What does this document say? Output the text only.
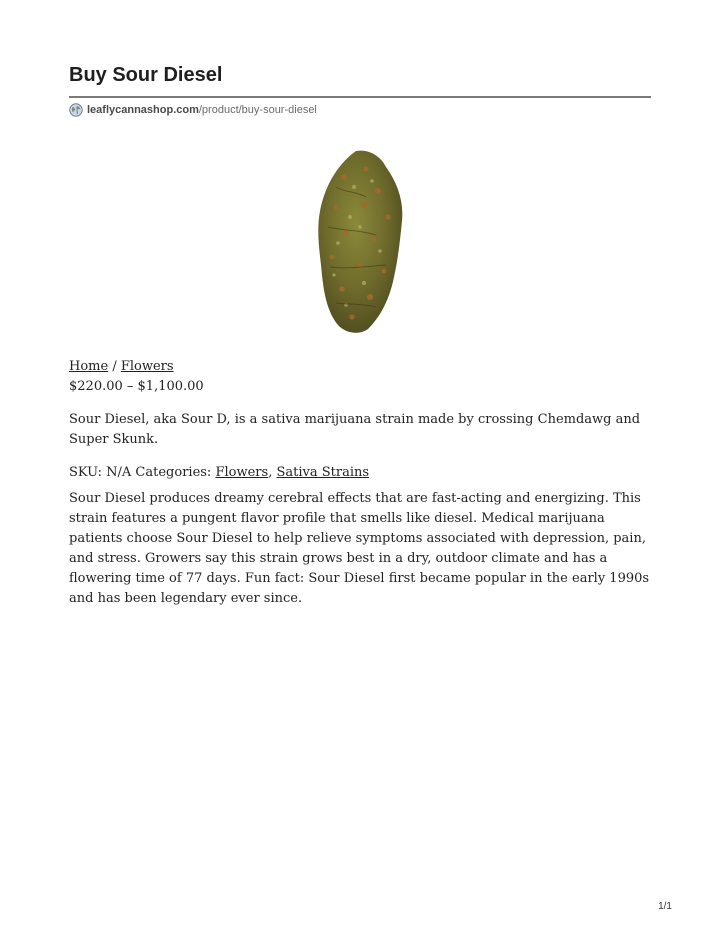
Buy Sour Diesel
leaflycannashop.com /product/buy-sour-diesel
Home / Flowers
$220.00 – $1,100.00

Sour Diesel, aka Sour D, is a sativa marijuana strain made by crossing Chemdawg and Super Skunk.

SKU: N/A Categories: Flowers, Sativa Strains

Sour Diesel produces dreamy cerebral effects that are fast-acting and energizing. This strain features a pungent flavor profile that smells like diesel. Medical marijuana patients choose Sour Diesel to help relieve symptoms associated with depression, pain, and stress. Growers say this strain grows best in a dry, outdoor climate and has a flowering time of 77 days. Fun fact: Sour Diesel first became popular in the early 1990s and has been legendary ever since.

1/1
